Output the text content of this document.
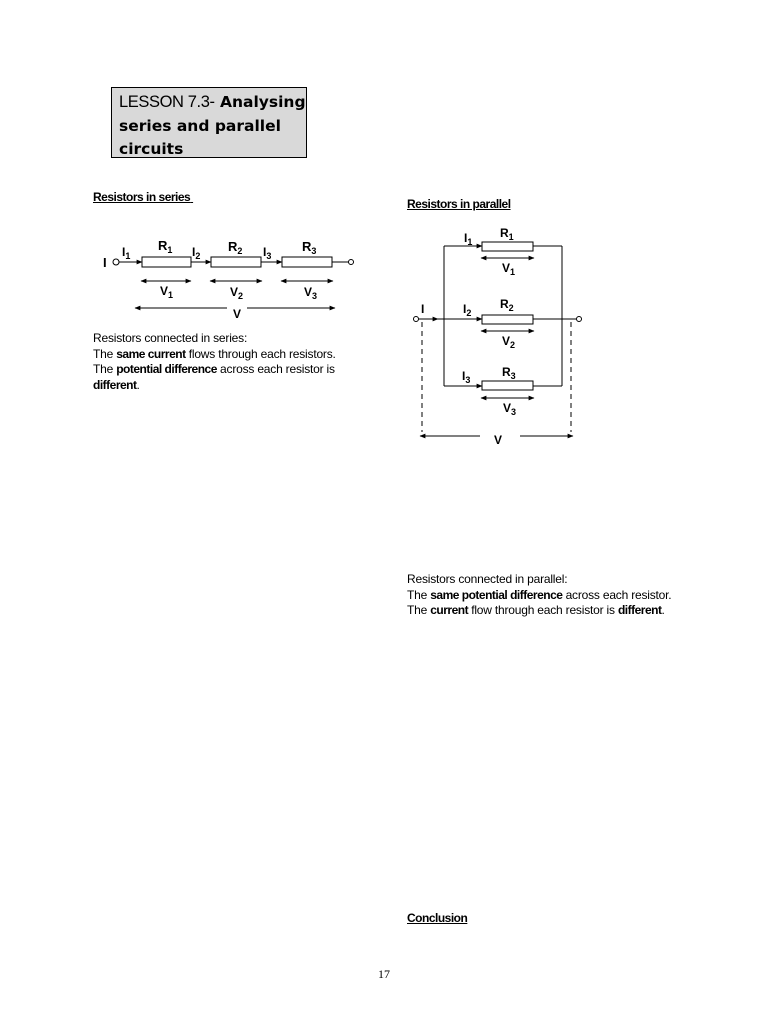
LESSON 7.3- Analysing series and parallel circuits
Resistors in series
I
$I_1$	$I_2$	$I_3$
$R_1$	$R_2$	$R_3$
$V_1$	$V_2$	$V_3$
V
Resistors connected in series:
The same current flows through each resistors.
The potential difference across each resistor is
different.
Resistors in parallel
I
$I_1$
$I_2$
$I_3$
$R_1$
$R_2$
$R_3$
$V_1$
$V_2$
$V_3$
V
Resistors connected in parallel:
The same potential difference across each resistor.
The current flow through each resistor is different.
Conclusion
17
